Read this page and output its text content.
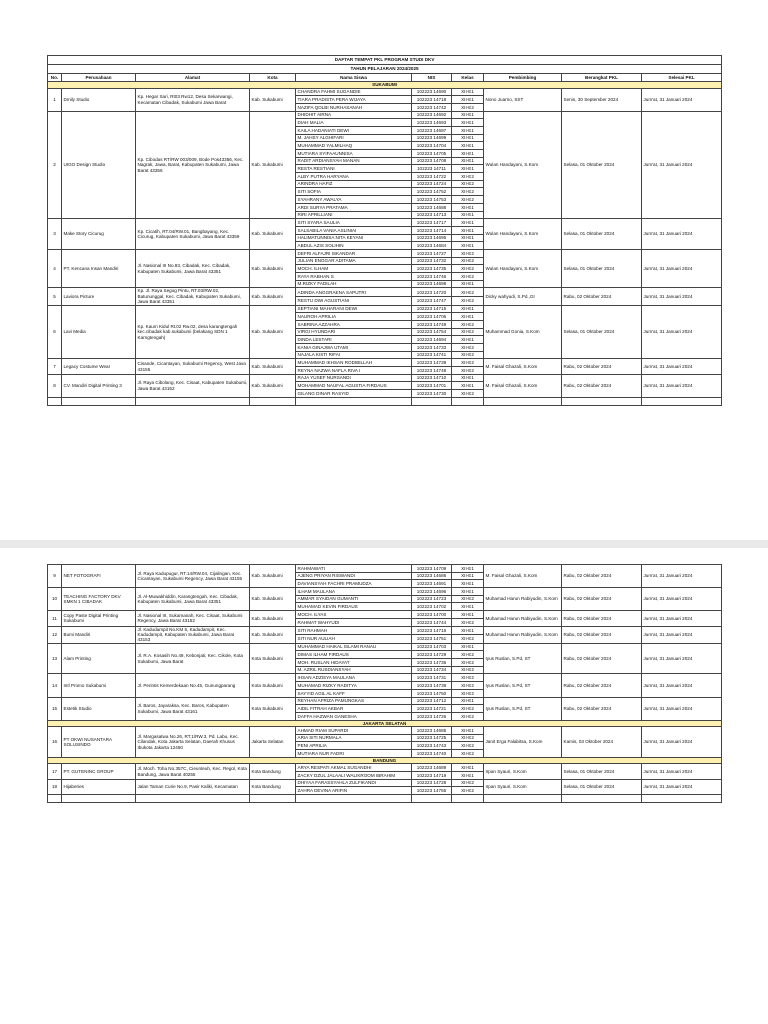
DAFTAR TEMPAT PKL PROGRAM STUDI DKV									
TAHUN PELAJARAN 2024/2025									
No.	Perusahaan	Alamat	Kota	Nama Siswa	NIS	Kelas	Pembimbing	Berangkat PKL	Selesai PKL
SUKABUMI									
1	Dmily Studio	Kp. Hegar Sari, Rt03 Rw12, Desa Sekarwangi, Kecamatan Cibadak, Sukabumi Jawa Barat	Kab. Sukabumi	CHANDRA FAHMI SUGANDIE	102223 14690	XII-E1	Nono Juarno, SST	Senin, 30 September 2024	Jum'at, 31 Januari 2024
				TIARA PRADISTA PERA WIJAYA	102223 14718	XII-E1			
				NAZIFA QOLBI NURHASANAH	102223 14742	XII-E2			
2	UIGO Design Studio	Kp. Cibodas RT/RW 003/009, Bode Pos43356, Kec. Nagrak, Jawa, Barat, Kabupaten Sukabumi, Jawa Barat 43356	Kab. Sukabumi	DHIDHIT AIRNA	102223 14692	XII-E1	Wulan Handayani, S.Kom	Selasa, 01 Oktober 2024	Jum'at, 31 Januari 2024
				DIAH MALIA	102223 14693	XII-E1			
				KAILA HADANIATI DEWI	102223 14697	XII-E1			
				M. JAHSY ALGHIFARI	102223 14699	XII-E1			
				MUHAMMAD YALMILHAQ	102223 14704	XII-E1			
				MUTIARA SYIFAAUNNISA	102223 14705	XII-E1			
				RADIT ARDIANSYAH MANAN	102223 14708	XII-E1			
				RESTA RESTIANI	102223 14711	XII-E1			
				ALBY PUTRA HARYANA	102223 14722	XII-E2			
				ARINDRA HAFIZ	102223 14724	XII-E2			
				SITI SOFIA	102223 14752	XII-E2			
				SYAHRANY AWALYA	102223 14753	XII-E2			
				ARDI SURYA PRATAMA	102223 14688	XII-E1			
				RIRI APRILLIANI	102223 14713	XII-E1			
3	Make Story Cicurug	Kp. Cicatih, RT.04/RW.01, Bangbayang, Kec. Cicurug, Kabupaten Sukabumi, Jawa Barat 43359	Kab. Sukabumi	SITI SYARA SAULIA	102223 14717	XII-E1	Wulan Handayani, S.Kom	Selasa, 01 Oktober 2024	Jum'at, 31 Januari 2024
				SALSABILA VANIA ASLINIAI	102223 14714	XII-E1			
				HALIMATUNNISA NITA KEYANI	102223 14695	XII-E1			
				ABDUL AZIS SOLIHIN	102223 14684	XII-E1			
4	PT. Kencana Insan Mandiri	Jl. Nasional III No.93, Cibadak, Kec. Cibadak, Kabupaten Sukabumi, Jawa Barat 43351	Kab. Sukabumi	DEFRI ALFAJRI ISKANDAR	102223 14727	XII-E2	Wulan Handayani, S.Kom	Selasa, 01 Oktober 2024	Jum'at, 31 Januari 2024
				JULIAN ENGGAR ADITAMA	102223 14732	XII-E2			
				MOCH. ILHAM	102223 14735	XII-E2			
				RAYA RABHAN S	102223 14746	XII-E2			
				M.RIZKY FADILAH	102223 14698	XII-E1			
5	Laviora Picture	Kp. Jl. Raya Segog Pintu, RT.03/RW.02, Batununggal, Kec. Cibadak, Kabupaten Sukabumi, Jawa Barat 43351	Kab. Sukabumi	ADINDA ANGGRAENA SAPUTRI	102223 14720	XII-E2	Dicky wahyudi, S.Pd.,Gr	Rabu, 02 Oktober 2024	Jum'at, 31 Januari 2024
				RESTU DWI AGUSTIANI	102223 14747	XII-E2			
6	Lavi Media	Kp. Kaum Kidul Rt.02 Rw.02, desa karangtengah kec.cibadak kab.sukabumi (belakang SDN 1 Karngtengah)	Kab. Sukabumi	SEPTIANI MAHARANI DEWI	102223 14715	XII-E1	Muhammad Gonia, S.Kom	Selasa, 01 Oktober 2024	Jum'at, 31 Januari 2024
				NAUROH APRILIA	102223 14706	XII-E1			
				SABRINA AZZAHRA	102223 14749	XII-E2			
				VIRGI HYUNDARI	102223 14754	XII-E2			
				DINDA LESTARI	102223 14694	XII-E1			
				KANIA GINAJWA UTAMI	102223 14733	XII-E2			
				NAJALA KISTI RIFAI	102223 14741	XII-E2			
7	Legacy Costume Wear	Cisande, Cicantayan, Sukabumi Regency, West Java 43155	Kab. Sukabumi	MUHAMMAD IKHSAN RODIBILLAH	102223 14739	XII-E2	M. Faisal Ghazali, S.Kom	Rabu, 02 Oktober 2024	Jum'at, 31 Januari 2024
				REYNA NAZWA NAFLA RIVA I	102223 14748	XII-E2			
8	CV. Mandiri Digital Printing 3	Jl. Raya Cibolang, Kec. Cisaat, Kabupaten Sukabumi, Jawa Barat 43152	Kab. Sukabumi	RAJA YUSEF NURSANDI	102223 14710	XII-E1	M. Faisal Ghazali, S.Kom	Rabu, 02 Oktober 2024	Jum'at, 31 Januari 2024
				MOHAMMAD NAUFAL AGUSTIA FIRDAUS	102223 14701	XII-E1			
				GILANG DINAR RASYID	102223 14730	XII-E2			

9	NET FOTOGRAFI	Jl. Raya Kadupugur, RT.14/RW.04, Cijalingan, Kec. Cicantayan, Sukabumi Regency, Jawa Barat 43155	Kab. Sukabumi	RAHMAWATI	102223 14709	XII-E1	M. Faisal Ghazali, S.Kom	Rabu, 02 Oktober 2024	Jum'at, 31 Januari 2024
				AJENG PRIYAN RISWANDI	102223 14686	XII-E1			
				DAVIANSYAH FACHRI PRAMUDZA	102223 14691	XII-E1			
10	TEACHING FACTORY DKV SMKN 1 CIBADAK	Jl. Al-Muwakhiddin, Karangtengah, Kec. Cibadak, Kabupaten Sukabumi, Jawa Barat 43351	Kab. Sukabumi	ILHAM MAULANA	102223 14696	XII-E1	Muhamad Harun Rabiyudin, S.Kom	Rabu, 02 Oktober 2024	Jum'at, 31 Januari 2024
				AMMAR SYAIDAN GUMANTI	102223 14723	XII-E2			
				MUHAMAD KEVIN FIRDAUS	102223 14702	XII-E1			
11	Copy Paste Digital Printing Sukabumi	Jl. Nasional III, Sukamanah, Kec. Cisaat, Sukabumi Regency, Jawa Barat 43152	Kab. Sukabumi	MOCH. ILYAS	102223 14700	XII-E1	Muhamad Harun Rabiyudin, S.Kom	Rabu, 02 Oktober 2024	Jum'at, 31 Januari 2024
				RAHMAT WAHYUDI	102223 14744	XII-E2			
12	Bumi Mandiri	Jl. Kadudampit No.KM 5, Kadudampit, Kec. Kadudampit, Kabupaten Sukabumi, Jawa Barat 43153	Kab. Sukabumi	SITI RAHMAH	102223 14716	XII-E1	Muhamad Harun Rabiyudin, S.Kom	Rabu, 02 Oktober 2024	Jum'at, 31 Januari 2024
				SITI NUR AULIAH	102223 14751	XII-E2			
13	Alam Printing	Jl. R.A. Kosasih No.49, Kebonjati, Kec. Cikole, Kota Sukabumi, Jawa Barat	Kota Sukabumi	MUHAMMAD HAIKAL ISLAMI RANAU	102223 14703	XII-E1	Iyus Ruslan, S.Pd, ST	Rabu, 02 Oktober 2024	Jum'at, 31 Januari 2024
				DIMAS ILHAM FIRDAUS	102223 14729	XII-E2			
				MOH. RUSLAN HIDAYAT	102223 14736	XII-E2			
				M. AZRIL RUSDIANSYAH	102223 14734	XII-E2			
14	Intl Promo Sukabumi	Jl. Perintis Kemerdekaan No.45, Gunungparang	Kota Sukabumi	IHSAN ADZISYA MAULANA	102223 14731	XII-E2	Iyus Ruslan, S.Pd, ST	Rabu, 02 Oktober 2024	Jum'at, 31 Januari 2024
				MUHAMAD RIZKY RADITYA	102223 14738	XII-E2			
				SAYYID AGIL AL KAFF	102223 14750	XII-E2			
15	Estetik Studio	Jl. Baros, Jayaraksa, Kec. Baros, Kabupaten Sukabumi, Jawa Barat 43161	Kota Sukabumi	REYHAN AFRIZA PAMUNGKAS	102223 14712	XII-E1	Iyus Ruslan, S.Pd, ST	Rabu, 02 Oktober 2024	Jum'at, 31 Januari 2024
				AIDIL FITRAH AKBAR	102223 14721	XII-E2			
				DAFFA HAZWAN GANESHA	102223 14726	XII-E2			
JAKARTA SELATAN									
16	PT OKWI NUSANTARA SOLUSINDO	Jl. Margasatwa No.26, RT.1/RW.3, Pd. Labu, Kec. Cilandak, Kota Jakarta Selatan, Daerah Khusus Ibukota Jakarta 12450	Jakarta Selatan	AHMAD RIAM SUPARDI	102223 14685	XII-E1	Janit Erga Falabitsa, S.Kom	Kamis, 03 Oktober 2024	Jum'at, 31 Januari 2024
				ARIA SITI NURMALA	102223 14725	XII-E2			
				PENI APRILIA	102223 14743	XII-E2			
				MUTIARA NUR FADRI	102223 14740	XII-E2			
BANDUNG									
17	PT. GUTENINC GROUP	Jl. Moch. Toha No.357C, Cieunteuh, Kec. Regol, Kota Bandung, Jawa Barat 40255	Kota Bandung	ARYA RESPATI AKMAL SUGANDHI	102223 14689	XII-E1	Irpan Syauri, S.Kom	Selasa, 01 Oktober 2024	Jum'at, 31 Januari 2024
				ZACKY DZUL JALAALI WALIKROOM IBRAHIM	102223 14719	XII-E1			
18	Hijaberies	Jalan Taman Curie No.9, Pasir Kaliki, Kecamatan	Kota Bandung	DHIYAA FARASSYAHLA ZULFIKANDI	102223 14728	XII-E2	Irpan Syauri, S.Kom	Selasa, 01 Oktober 2024	Jum'at, 31 Januari 2024
				ZAHRA DEVINA ARIFIN	102223 14755	XII-E2			
